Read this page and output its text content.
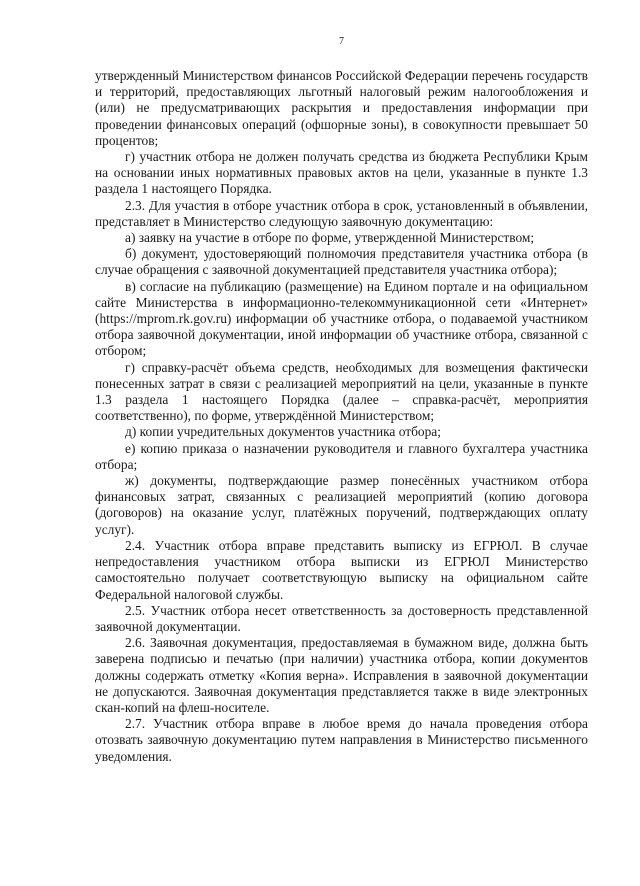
7

утвержденный Министерством финансов Российской Федерации перечень государств и территорий, предоставляющих льготный налоговый режим налогообложения и (или) не предусматривающих раскрытия и предоставления информации при проведении финансовых операций (офшорные зоны), в совокупности превышает 50 процентов;

г) участник отбора не должен получать средства из бюджета Республики Крым на основании иных нормативных правовых актов на цели, указанные в пункте 1.3 раздела 1 настоящего Порядка.

2.3. Для участия в отборе участник отбора в срок, установленный в объявлении, представляет в Министерство следующую заявочную документацию:

а) заявку на участие в отборе по форме, утвержденной Министерством;

б) документ, удостоверяющий полномочия представителя участника отбора (в случае обращения с заявочной документацией представителя участника отбора);

в) согласие на публикацию (размещение) на Едином портале и на официальном сайте Министерства в информационно-телекоммуникационной сети «Интернет» (https://mprom.rk.gov.ru) информации об участнике отбора, о подаваемой участником отбора заявочной документации, иной информации об участнике отбора, связанной с отбором;

г) справку-расчёт объема средств, необходимых для возмещения фактически понесенных затрат в связи с реализацией мероприятий на цели, указанные в пункте 1.3 раздела 1 настоящего Порядка (далее – справка-расчёт, мероприятия соответственно), по форме, утверждённой Министерством;

д) копии учредительных документов участника отбора;

е) копию приказа о назначении руководителя и главного бухгалтера участника отбора;

ж) документы, подтверждающие размер понесённых участником отбора финансовых затрат, связанных с реализацией мероприятий (копию договора (договоров) на оказание услуг, платёжных поручений, подтверждающих оплату услуг).

2.4. Участник отбора вправе представить выписку из ЕГРЮЛ. В случае непредоставления участником отбора выписки из ЕГРЮЛ Министерство самостоятельно получает соответствующую выписку на официальном сайте Федеральной налоговой службы.

2.5. Участник отбора несет ответственность за достоверность представленной заявочной документации.

2.6. Заявочная документация, предоставляемая в бумажном виде, должна быть заверена подписью и печатью (при наличии) участника отбора, копии документов должны содержать отметку «Копия верна». Исправления в заявочной документации не допускаются. Заявочная документация представляется также в виде электронных скан-копий на флеш-носителе.

2.7. Участник отбора вправе в любое время до начала проведения отбора отозвать заявочную документацию путем направления в Министерство письменного уведомления.
